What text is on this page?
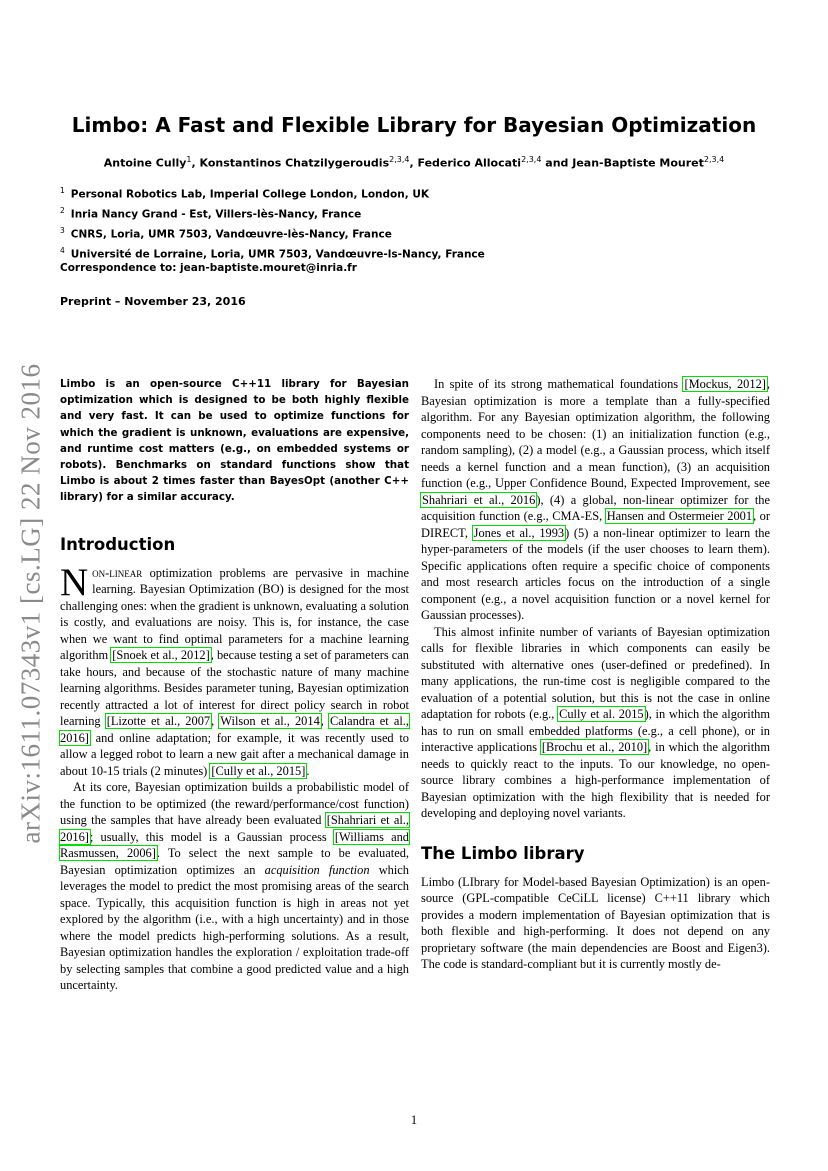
arXiv:1611.07343v1 [cs.LG] 22 Nov 2016
Limbo: A Fast and Flexible Library for Bayesian Optimization
Antoine Cully$^1$, Konstantinos Chatzilygeroudis$^{2,3,4}$, Federico Allocati$^{2,3,4}$ and Jean-Baptiste Mouret$^{2,3,4}$
$^1$ Personal Robotics Lab, Imperial College London, London, UK
$^2$ Inria Nancy Grand - Est, Villers-lès-Nancy, France
$^3$ CNRS, Loria, UMR 7503, Vandœuvre-lès-Nancy, France
$^4$ Université de Lorraine, Loria, UMR 7503, Vandœuvre-ls-Nancy, France
Correspondence to: jean-baptiste.mouret@inria.fr
Preprint – November 23, 2016

Limbo is an open-source C++11 library for Bayesian optimization which is designed to be both highly flexible and very fast. It can be used to optimize functions for which the gradient is unknown, evaluations are expensive, and runtime cost matters (e.g., on embedded systems or robots). Benchmarks on standard functions show that Limbo is about 2 times faster than BayesOpt (another C++ library) for a similar accuracy.

Introduction

Non-linear optimization problems are pervasive in machine learning. Bayesian Optimization (BO) is designed for the most challenging ones: when the gradient is unknown, evaluating a solution is costly, and evaluations are noisy. This is, for instance, the case when we want to find optimal parameters for a machine learning algorithm [Snoek et al., 2012], because testing a set of parameters can take hours, and because of the stochastic nature of many machine learning algorithms. Besides parameter tuning, Bayesian optimization recently attracted a lot of interest for direct policy search in robot learning [Lizotte et al., 2007, Wilson et al., 2014, Calandra et al., 2016] and online adaptation; for example, it was recently used to allow a legged robot to learn a new gait after a mechanical damage in about 10-15 trials (2 minutes) [Cully et al., 2015].

At its core, Bayesian optimization builds a probabilistic model of the function to be optimized (the reward/performance/cost function) using the samples that have already been evaluated [Shahriari et al., 2016]; usually, this model is a Gaussian process [Williams and Rasmussen, 2006]. To select the next sample to be evaluated, Bayesian optimization optimizes an acquisition function which leverages the model to predict the most promising areas of the search space. Typically, this acquisition function is high in areas not yet explored by the algorithm (i.e., with a high uncertainty) and in those where the model predicts high-performing solutions. As a result, Bayesian optimization handles the exploration / exploitation trade-off by selecting samples that combine a good predicted value and a high uncertainty.

In spite of its strong mathematical foundations [Mockus, 2012], Bayesian optimization is more a template than a fully-specified algorithm. For any Bayesian optimization algorithm, the following components need to be chosen: (1) an initialization function (e.g., random sampling), (2) a model (e.g., a Gaussian process, which itself needs a kernel function and a mean function), (3) an acquisition function (e.g., Upper Confidence Bound, Expected Improvement, see Shahriari et al., 2016), (4) a global, non-linear optimizer for the acquisition function (e.g., CMA-ES, Hansen and Ostermeier 2001, or DIRECT, Jones et al., 1993) (5) a non-linear optimizer to learn the hyper-parameters of the models (if the user chooses to learn them). Specific applications often require a specific choice of components and most research articles focus on the introduction of a single component (e.g., a novel acquisition function or a novel kernel for Gaussian processes).

This almost infinite number of variants of Bayesian optimization calls for flexible libraries in which components can easily be substituted with alternative ones (user-defined or predefined). In many applications, the run-time cost is negligible compared to the evaluation of a potential solution, but this is not the case in online adaptation for robots (e.g., Cully et al. 2015), in which the algorithm has to run on small embedded platforms (e.g., a cell phone), or in interactive applications [Brochu et al., 2010], in which the algorithm needs to quickly react to the inputs. To our knowledge, no open-source library combines a high-performance implementation of Bayesian optimization with the high flexibility that is needed for developing and deploying novel variants.

The Limbo library

Limbo (LIbrary for Model-based Bayesian Optimization) is an open-source (GPL-compatible CeCiLL license) C++11 library which provides a modern implementation of Bayesian optimization that is both flexible and high-performing. It does not depend on any proprietary software (the main dependencies are Boost and Eigen3). The code is standard-compliant but it is currently mostly de-

1
